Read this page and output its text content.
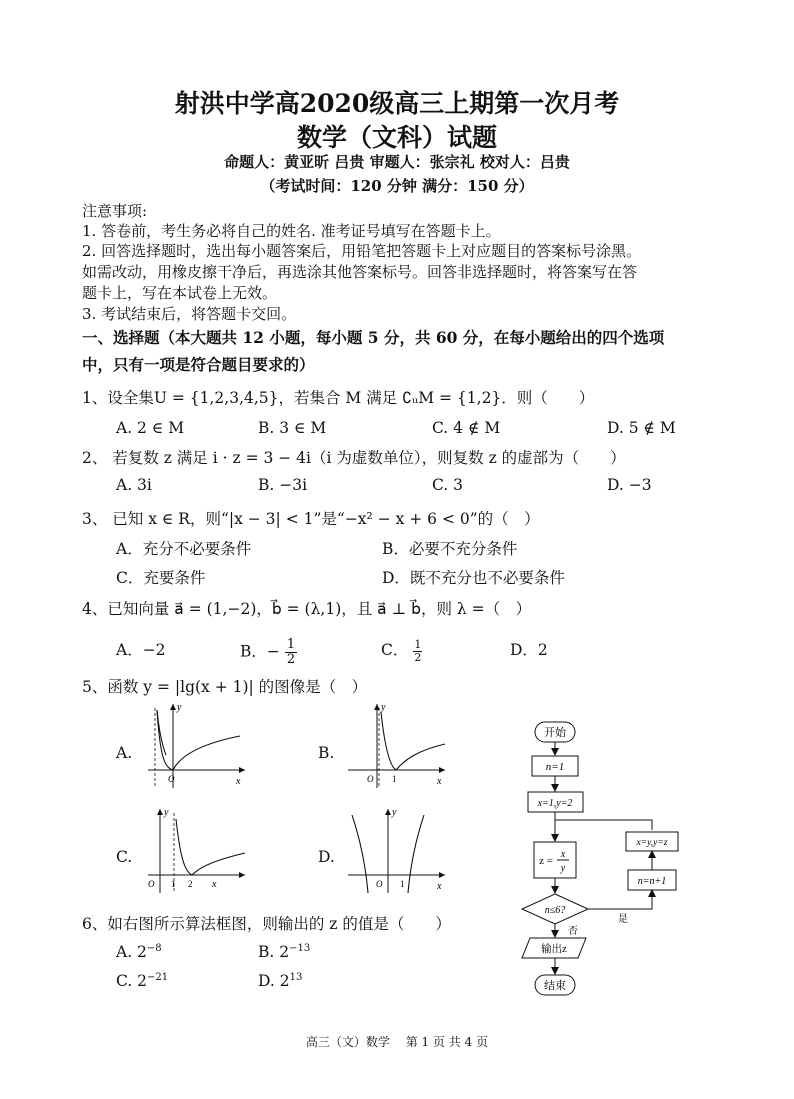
射洪中学高2020级高三上期第一次月考
数学（文科）试题
命题人：黄亚昕 吕贵 审题人：张宗礼 校对人：吕贵
（考试时间：120 分钟 满分：150 分）
注意事项:
1. 答卷前，考生务必将自己的姓名. 准考证号填写在答题卡上。
2. 回答选择题时，选出每小题答案后，用铅笔把答题卡上对应题目的答案标号涂黑。
如需改动，用橡皮擦干净后，再选涂其他答案标号。回答非选择题时，将答案写在答
题卡上，写在本试卷上无效。
3. 考试结束后，将答题卡交回。
一、选择题（本大题共 12 小题，每小题 5 分，共 60 分，在每小题给出的四个选项
中，只有一项是符合题目要求的）
1、设全集U = {1,2,3,4,5}，若集合 M 满足 ∁ᵤM = {1,2}．则（　　）
A. 2 ∈ M	B. 3 ∈ M	C. 4 ∉ M	D. 5 ∉ M
2、 若复数 z 满足 i · z = 3 − 4i（i 为虚数单位），则复数 z 的虚部为（　　）
A. 3i	B. −3i	C. 3	D. −3
3、 已知 x ∈ R，则“|x − 3| < 1”是“−x² − x + 6 < 0”的（　）
A．充分不必要条件	B．必要不充分条件
C．充要条件	D．既不充分也不必要条件
4、已知向量 a⃗ = (1,−2)，b⃗ = (λ,1)，且 a⃗ ⊥ b⃗，则 λ =（　）
A．−2	B．− $\frac{1}{2}$	C． $\frac{1}{2}$	D．2
5、函数 y = |lg(x + 1)| 的图像是（　）
A.	B.
C.	D.
O	x
y
O 1	x
y
O 1 2 x
y
O 1	x
y
6、如右图所示算法框图，则输出的 z 的值是（　　）
A. $2^{-8}$	B. $2^{-13}$
C. $2^{-21}$	D. $2^{13}$
开始
n=1
x=1,y=2
z =
x
y
n≤6?
是
n=n+1
x=y,y=z
否
输出z
结束
高三（文）数学　 第 1 页 共 4 页
